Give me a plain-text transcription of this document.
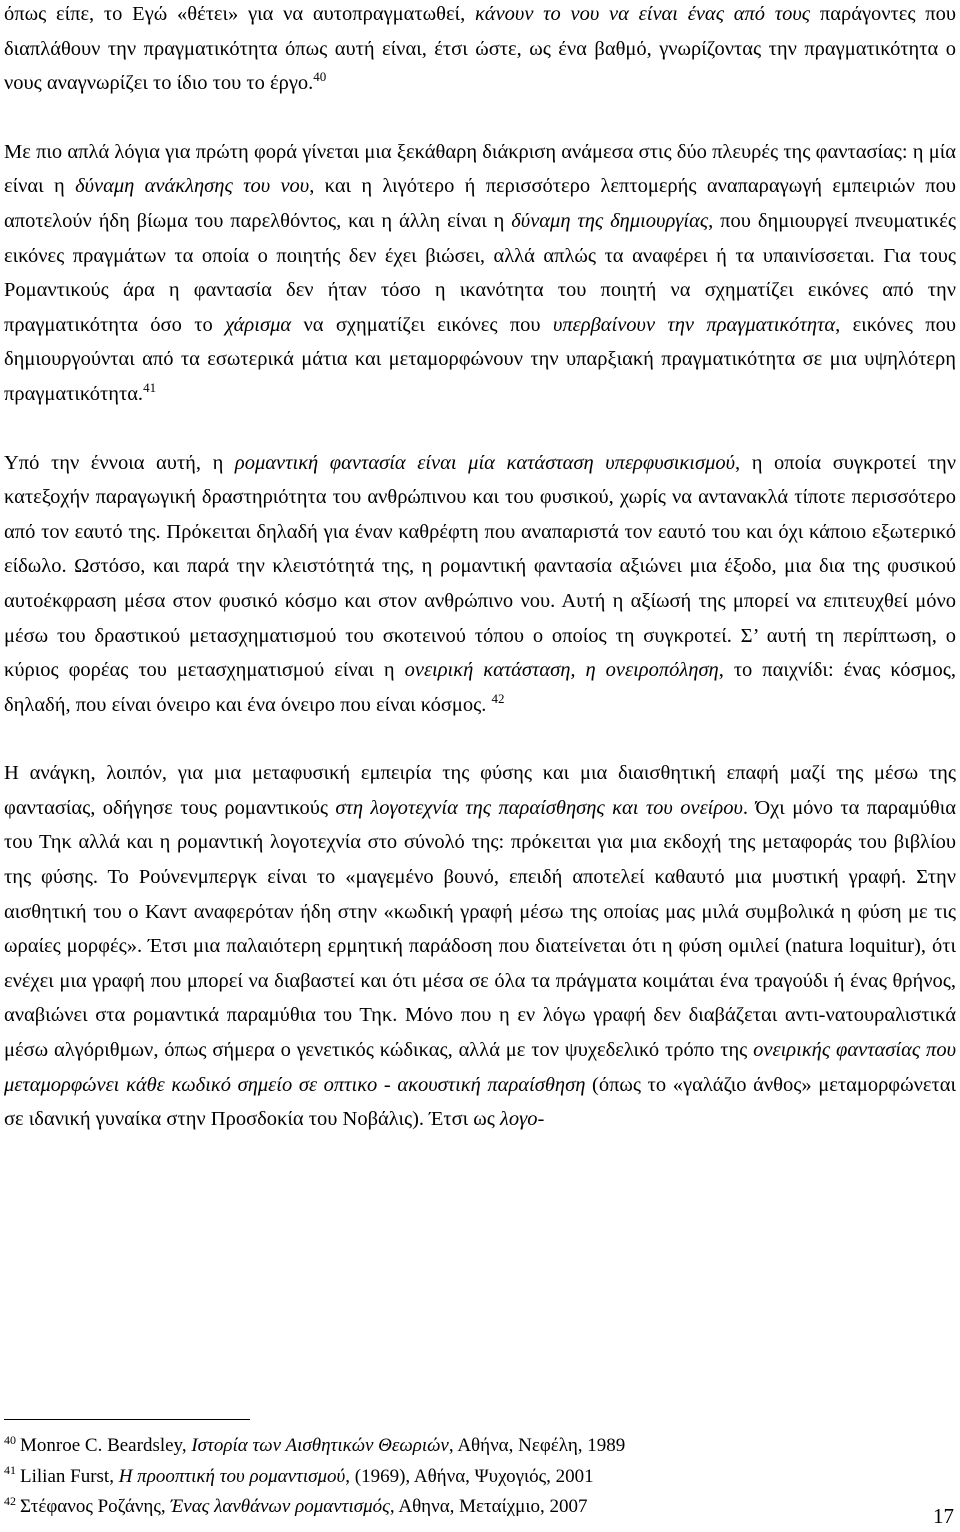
όπως είπε, το Εγώ «θέτει» για να αυτοπραγματωθεί, κάνουν το νου να είναι ένας από τους παράγοντες που διαπλάθουν την πραγματικότητα όπως αυτή είναι, έτσι ώστε, ως ένα βαθμό, γνωρίζοντας την πραγματικότητα ο νους αναγνωρίζει το ίδιο του το έργο.$^{40}$

Με πιο απλά λόγια για πρώτη φορά γίνεται μια ξεκάθαρη διάκριση ανάμεσα στις δύο πλευρές της φαντασίας: η μία είναι η δύναμη ανάκλησης του νου, και η λιγότερο ή περισσότερο λεπτομερής αναπαραγωγή εμπειριών που αποτελούν ήδη βίωμα του παρελθόντος, και η άλλη είναι η δύναμη της δημιουργίας, που δημιουργεί πνευματικές εικόνες πραγμάτων τα οποία ο ποιητής δεν έχει βιώσει, αλλά απλώς τα αναφέρει ή τα υπαινίσσεται. Για τους Ρομαντικούς άρα η φαντασία δεν ήταν τόσο η ικανότητα του ποιητή να σχηματίζει εικόνες από την πραγματικότητα όσο το χάρισμα να σχηματίζει εικόνες που υπερβαίνουν την πραγματικότητα, εικόνες που δημιουργούνται από τα εσωτερικά μάτια και μεταμορφώνουν την υπαρξιακή πραγματικότητα σε μια υψηλότερη πραγματικότητα.$^{41}$

Υπό την έννοια αυτή, η ρομαντική φαντασία είναι μία κατάσταση υπερφυσικισμού, η οποία συγκροτεί την κατεξοχήν παραγωγική δραστηριότητα του ανθρώπινου και του φυσικού, χωρίς να αντανακλά τίποτε περισσότερο από τον εαυτό της. Πρόκειται δηλαδή για έναν καθρέφτη που αναπαριστά τον εαυτό του και όχι κάποιο εξωτερικό είδωλο. Ωστόσο, και παρά την κλειστότητά της, η ρομαντική φαντασία αξιώνει μια έξοδο, μια δια της φυσικού αυτοέκφραση μέσα στον φυσικό κόσμο και στον ανθρώπινο νου. Αυτή η αξίωσή της μπορεί να επιτευχθεί μόνο μέσω του δραστικού μετασχηματισμού του σκοτεινού τόπου ο οποίος τη συγκροτεί. Σ’ αυτή τη περίπτωση, ο κύριος φορέας του μετασχηματισμού είναι η ονειρική κατάσταση, η ονειροπόληση, το παιχνίδι: ένας κόσμος, δηλαδή, που είναι όνειρο και ένα όνειρο που είναι κόσμος. $^{42}$

Η ανάγκη, λοιπόν, για μια μεταφυσική εμπειρία της φύσης και μια διαισθητική επαφή μαζί της μέσω της φαντασίας, οδήγησε τους ρομαντικούς στη λογοτεχνία της παραίσθησης και του ονείρου. Όχι μόνο τα παραμύθια του Τηκ αλλά και η ρομαντική λογοτεχνία στο σύνολό της: πρόκειται για μια εκδοχή της μεταφοράς του βιβλίου της φύσης. Το Ρούνενμπεργκ είναι το «μαγεμένο βουνό, επειδή αποτελεί καθαυτό μια μυστική γραφή. Στην αισθητική του ο Καντ αναφερόταν ήδη στην «κωδική γραφή μέσω της οποίας μας μιλά συμβολικά η φύση με τις ωραίες μορφές». Έτσι μια παλαιότερη ερμητική παράδοση που διατείνεται ότι η φύση ομιλεί (natura loquitur), ότι ενέχει μια γραφή που μπορεί να διαβαστεί και ότι μέσα σε όλα τα πράγματα κοιμάται ένα τραγούδι ή ένας θρήνος, αναβιώνει στα ρομαντικά παραμύθια του Τηκ. Μόνο που η εν λόγω γραφή δεν διαβάζεται αντι-νατουραλιστικά μέσω αλγόριθμων, όπως σήμερα ο γενετικός κώδικας, αλλά με τον ψυχεδελικό τρόπο της ονειρικής φαντασίας που μεταμορφώνει κάθε κωδικό σημείο σε οπτικο - ακουστική παραίσθηση (όπως το «γαλάζιο άνθος» μεταμορφώνεται σε ιδανική γυναίκα στην Προσδοκία του Νοβάλις). Έτσι ως λογο-

$^{40}$ Monroe C. Beardsley, Ιστορία των Αισθητικών Θεωριών, Αθήνα, Νεφέλη, 1989

$^{41}$ Lilian Furst, Η προοπτική του ρομαντισμού, (1969), Αθήνα, Ψυχογιός, 2001

$^{42}$ Στέφανος Ροζάνης, Ένας λανθάνων ρομαντισμός, Αθηνα, Μεταίχμιο, 2007	17
